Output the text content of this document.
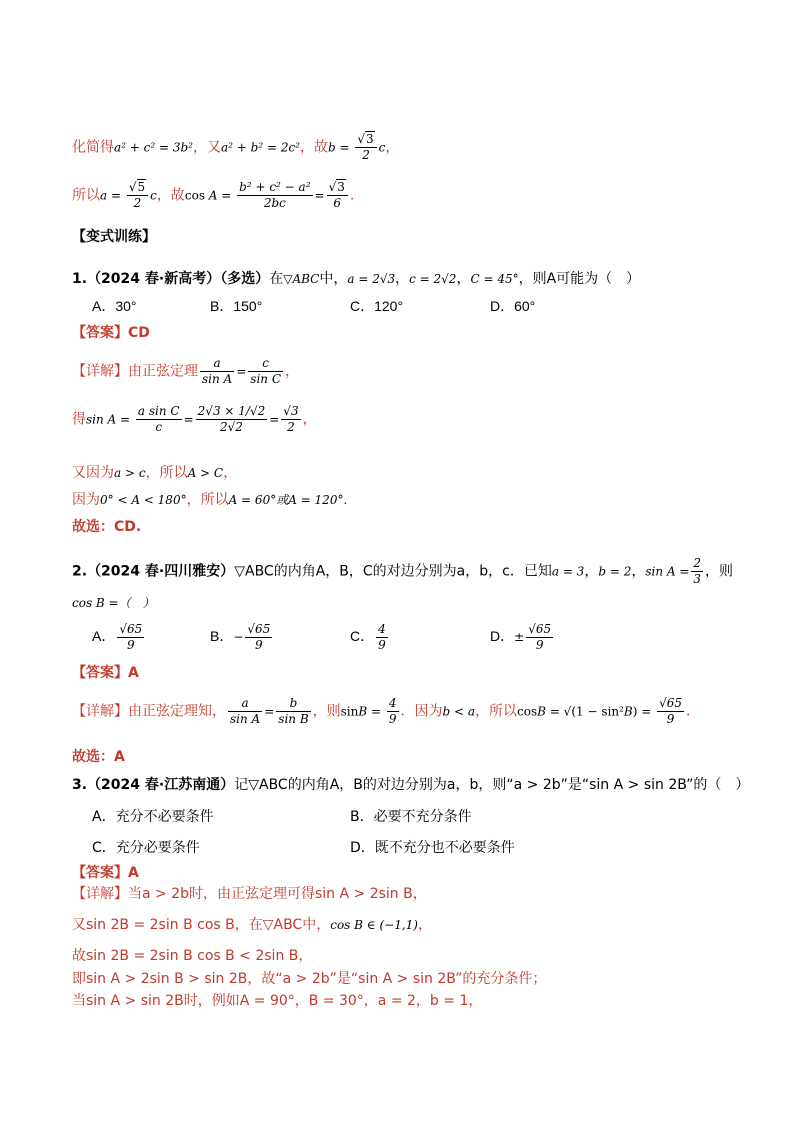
化简得a² + c² = 3b²，又a² + b² = 2c²，故$b = \frac{√3}{2}$ c，
所以$a = \frac{√5}{2}$ c，故$\cos A = \frac{\text{b² + c² − a²}}{2bc} = \frac{√3}{6}$ .
【变式训练】
1.（2024 春·新高考）（多选）在▽ABC中，a = 2√3，c = 2√2，C = 45°，则A可能为（　）
A．30°	B．150°	C．120°	D．60°
【答案】CD
【详解】由正弦定理 $\frac{a}{\text{sin A}} = \frac{c}{\text{sin C}}$ ，
得$\sin A = \frac{\text{a sin C}}{c} = \frac{2√3 \times 1/√2}{2√2} = \frac{√3}{2}$ ，
又因为a > c，所以A > C，
因为0° < A < 180°，所以A = 60°或A = 120°.
故选：CD.
2.（2024 春·四川雅安）▽ABC的内角A，B，C的对边分别为a，b，c．已知a = 3，b = 2，$\sin A = \frac{2}{3}$ ，则
cos B =（　）
A． $\frac{√65}{9}$	B．− $\frac{√65}{9}$	C． $\frac{4}{9}$	D．± $\frac{√65}{9}$
【答案】A
【详解】由正弦定理知， $\frac{a}{\text{sin A}} = \frac{b}{\text{sin B}}$ ，则$\sin B = \frac{4}{9}$ ．因为b < a，所以$\cos B = √(1 - \sin^2B) = \frac{√65}{9}$ ．
故选：A
3.（2024 春·江苏南通）记▽ABC的内角A，B的对边分别为a，b，则“a > 2b”是“sin A > sin 2B”的（　）
A．充分不必要条件	B．必要不充分条件
C．充分必要条件	D．既不充分也不必要条件
【答案】A
【详解】当a > 2b时，由正弦定理可得sin A > 2sin B，
又sin 2B = 2sin B cos B，在▽ABC中，cos B ∈ (−1,1)，
故sin 2B = 2sin B cos B < 2sin B，
即sin A > 2sin B > sin 2B，故“a > 2b”是“sin A > sin 2B”的充分条件；
当sin A > sin 2B时，例如A = 90°，B = 30°，a = 2，b = 1，
